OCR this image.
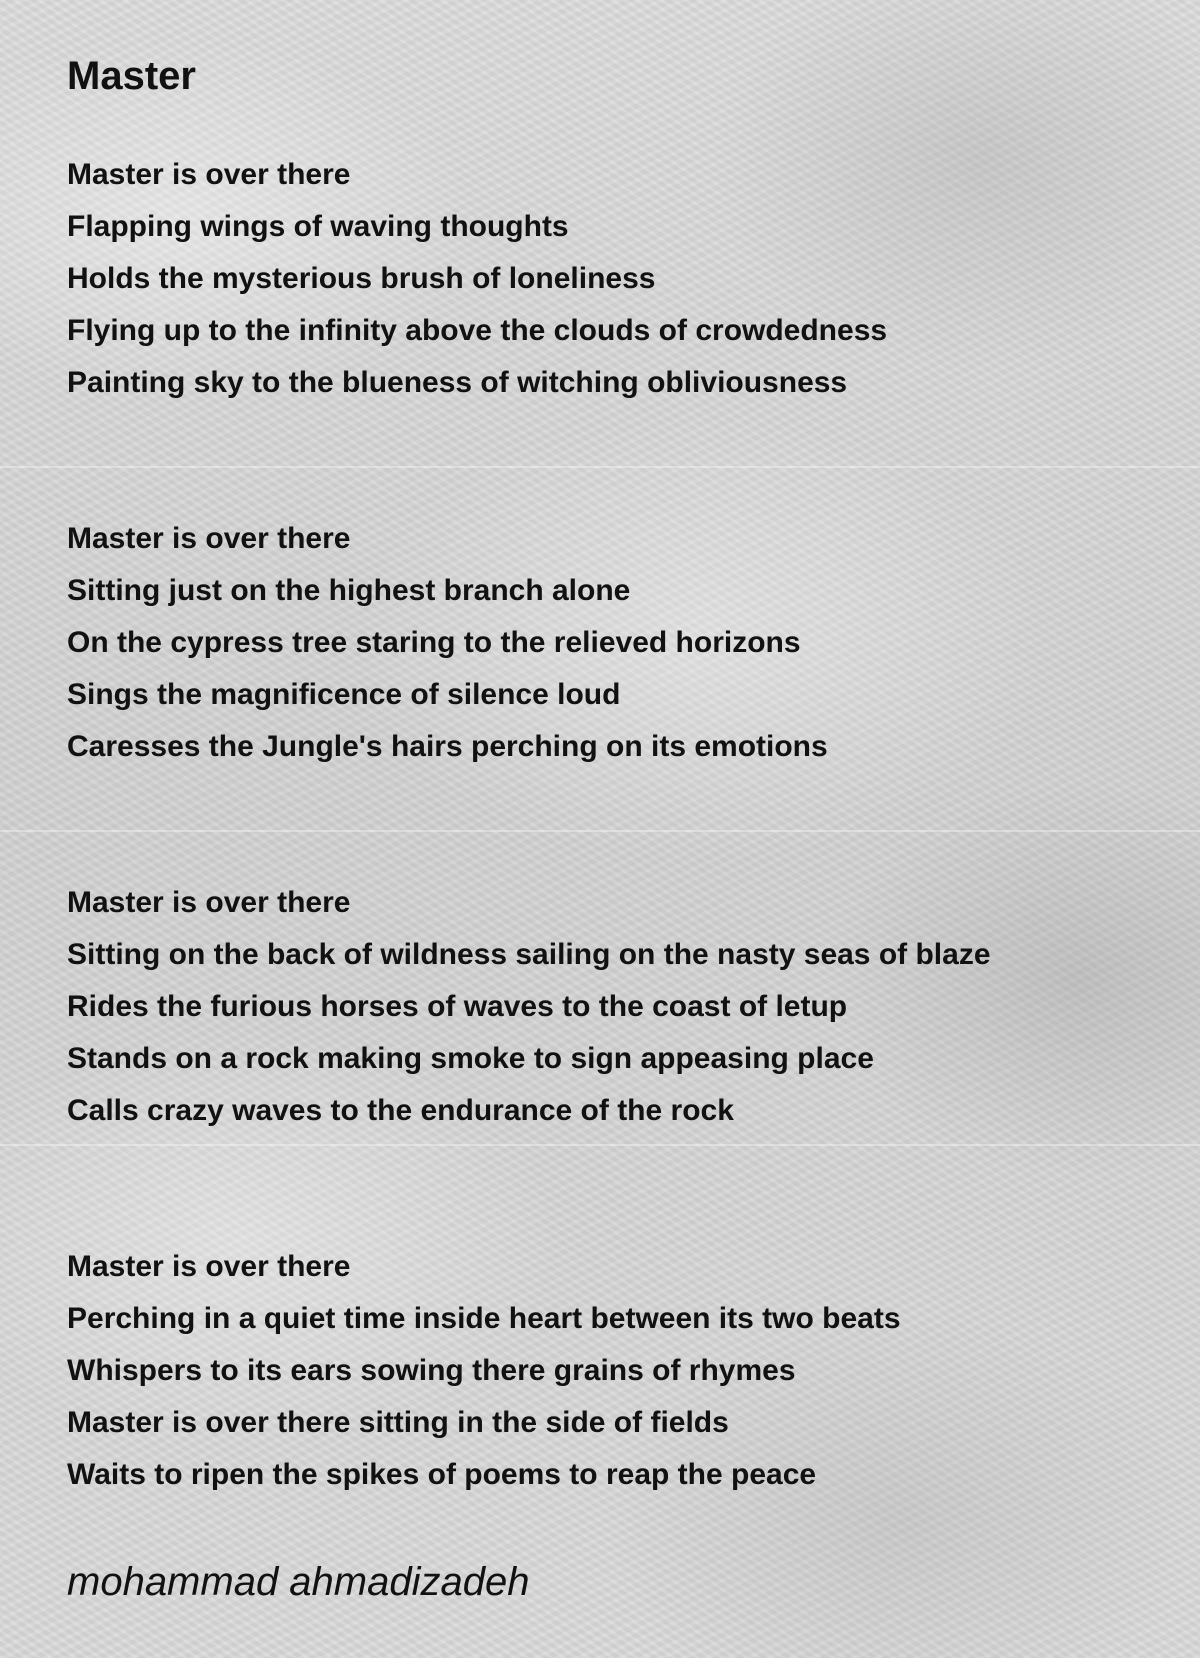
Master
Master is over there
Flapping wings of waving thoughts
Holds the mysterious brush of loneliness
Flying up to the infinity above the clouds of crowdedness
Painting sky to the blueness of witching obliviousness
Master is over there
Sitting just on the highest branch alone
On the cypress tree staring to the relieved horizons
Sings the magnificence of silence loud
Caresses the Jungle's hairs perching on its emotions
Master is over there
Sitting on the back of wildness sailing on the nasty seas of blaze
Rides the furious horses of waves to the coast of letup
Stands on a rock making smoke to sign appeasing place
Calls crazy waves to the endurance of the rock
Master is over there
Perching in a quiet time inside heart between its two beats
Whispers to its ears sowing there grains of rhymes
Master is over there sitting in the side of fields
Waits to ripen the spikes of poems to reap the peace

mohammad ahmadizadeh
